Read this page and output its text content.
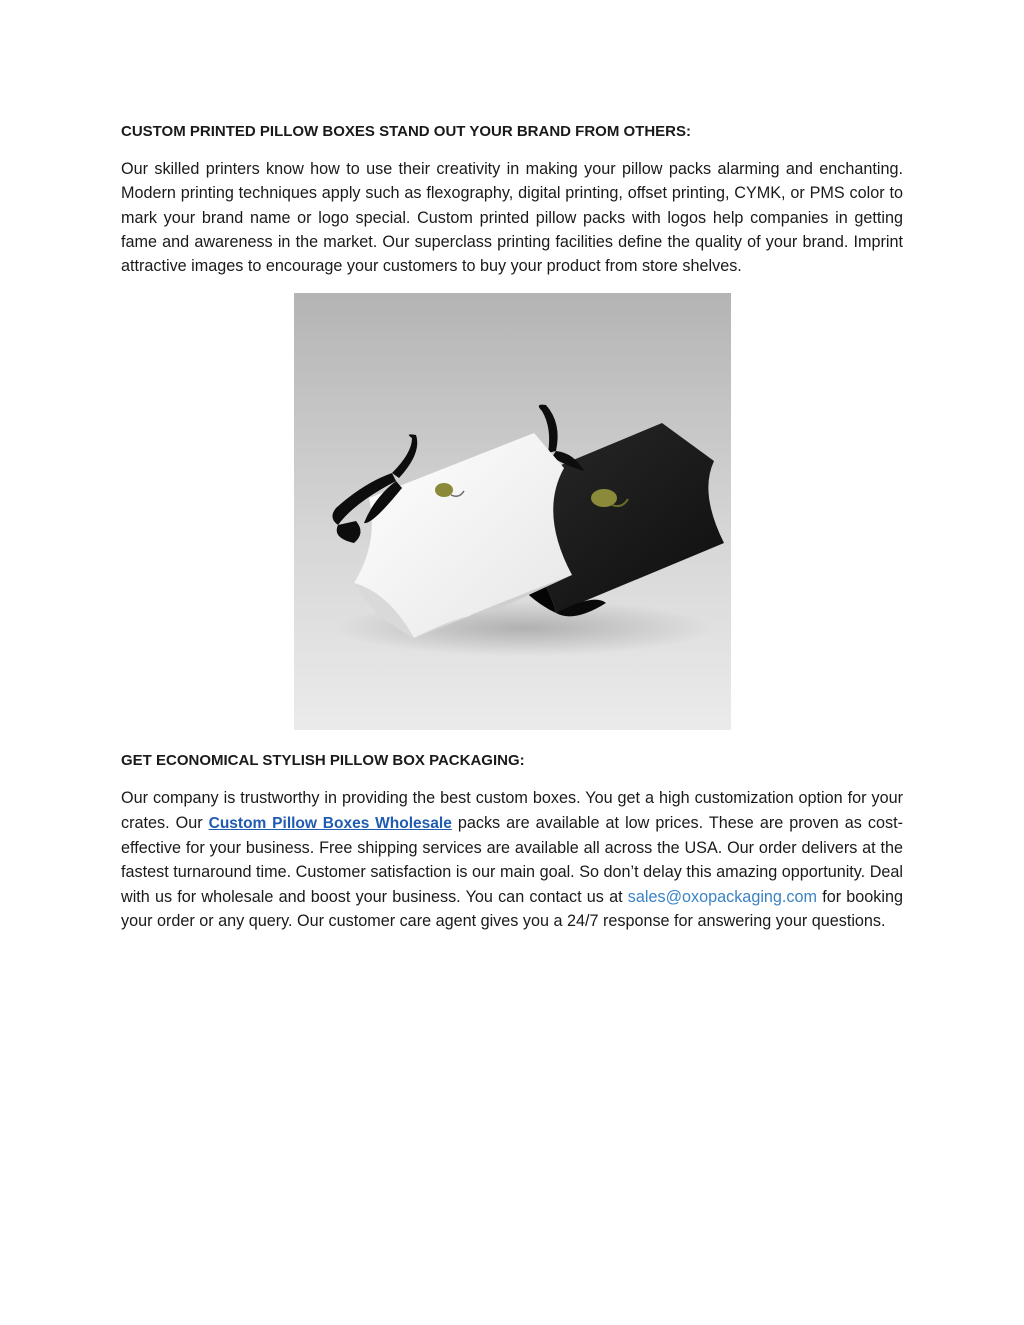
CUSTOM PRINTED PILLOW BOXES STAND OUT YOUR BRAND FROM OTHERS:

Our skilled printers know how to use their creativity in making your pillow packs alarming and enchanting. Modern printing techniques apply such as flexography, digital printing, offset printing, CYMK, or PMS color to mark your brand name or logo special. Custom printed pillow packs with logos help companies in getting fame and awareness in the market. Our superclass printing facilities define the quality of your brand. Imprint attractive images to encourage your customers to buy your product from store shelves.

GET ECONOMICAL STYLISH PILLOW BOX PACKAGING:

Our company is trustworthy in providing the best custom boxes. You get a high customization option for your crates. Our Custom Pillow Boxes Wholesale packs are available at low prices. These are proven as cost-effective for your business. Free shipping services are available all across the USA. Our order delivers at the fastest turnaround time. Customer satisfaction is our main goal. So don’t delay this amazing opportunity. Deal with us for wholesale and boost your business. You can contact us at sales@oxopackaging.com for booking your order or any query. Our customer care agent gives you a 24/7 response for answering your questions.
